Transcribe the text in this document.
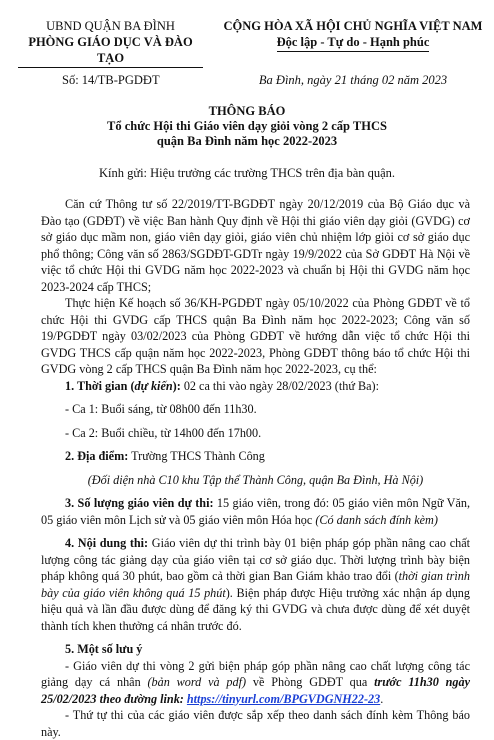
UBND QUẬN BA ĐÌNH
PHÒNG GIÁO DỤC VÀ ĐÀO TẠO
CỘNG HÒA XÃ HỘI CHỦ NGHĨA VIỆT NAM
Độc lập - Tự do - Hạnh phúc
Số: 14/TB-PGDĐT	Ba Đình, ngày 21 tháng 02 năm 2023
THÔNG BÁO
Tổ chức Hội thi Giáo viên dạy giỏi vòng 2 cấp THCS
quận Ba Đình năm học 2022-2023
Kính gửi: Hiệu trưởng các trường THCS trên địa bàn quận.

Căn cứ Thông tư số 22/2019/TT-BGDĐT ngày 20/12/2019 của Bộ Giáo dục và Đào tạo (GDĐT) về việc Ban hành Quy định về Hội thi giáo viên dạy giỏi (GVDG) cơ sở giáo dục mầm non, giáo viên dạy giỏi, giáo viên chủ nhiệm lớp giỏi cơ sở giáo dục phổ thông; Công văn số 2863/SGDĐT-GDTr ngày 19/9/2022 của Sở GDĐT Hà Nội về việc tổ chức Hội thi GVDG năm học 2022-2023 và chuẩn bị Hội thi GVDG năm học 2023-2024 cấp THCS;

Thực hiện Kế hoạch số 36/KH-PGDĐT ngày 05/10/2022 của Phòng GDĐT về tổ chức Hội thi GVDG cấp THCS quận Ba Đình năm học 2022-2023; Công văn số 19/PGDĐT ngày 03/02/2023 của Phòng GDĐT về hướng dẫn việc tổ chức Hội thi GVDG THCS cấp quận năm học 2022-2023, Phòng GDĐT thông báo tổ chức Hội thi GVDG vòng 2 cấp THCS quận Ba Đình năm học 2022-2023, cụ thể:

1. Thời gian (dự kiến): 02 ca thi vào ngày 28/02/2023 (thứ Ba):

- Ca 1: Buổi sáng, từ 08h00 đến 11h30.

- Ca 2: Buổi chiều, từ 14h00 đến 17h00.

2. Địa điểm: Trường THCS Thành Công

(Đối diện nhà C10 khu Tập thể Thành Công, quận Ba Đình, Hà Nội)

3. Số lượng giáo viên dự thi: 15 giáo viên, trong đó: 05 giáo viên môn Ngữ Văn, 05 giáo viên môn Lịch sử và 05 giáo viên môn Hóa học (Có danh sách đính kèm)

4. Nội dung thi: Giáo viên dự thi trình bày 01 biện pháp góp phần nâng cao chất lượng công tác giảng dạy của giáo viên tại cơ sở giáo dục. Thời lượng trình bày biện pháp không quá 30 phút, bao gồm cả thời gian Ban Giám khảo trao đổi (thời gian trình bày của giáo viên không quá 15 phút). Biện pháp được Hiệu trưởng xác nhận áp dụng hiệu quả và lần đầu được dùng để đăng ký thi GVDG và chưa được dùng để xét duyệt thành tích khen thưởng cá nhân trước đó.

5. Một số lưu ý

- Giáo viên dự thi vòng 2 gửi biện pháp góp phần nâng cao chất lượng công tác giảng dạy cá nhân (bản word và pdf) về Phòng GDĐT qua trước 11h30 ngày 25/02/2023 theo đường link: https://tinyurl.com/BPGVDGNH22-23.

- Thứ tự thi của các giáo viên được sắp xếp theo danh sách đính kèm Thông báo này.
